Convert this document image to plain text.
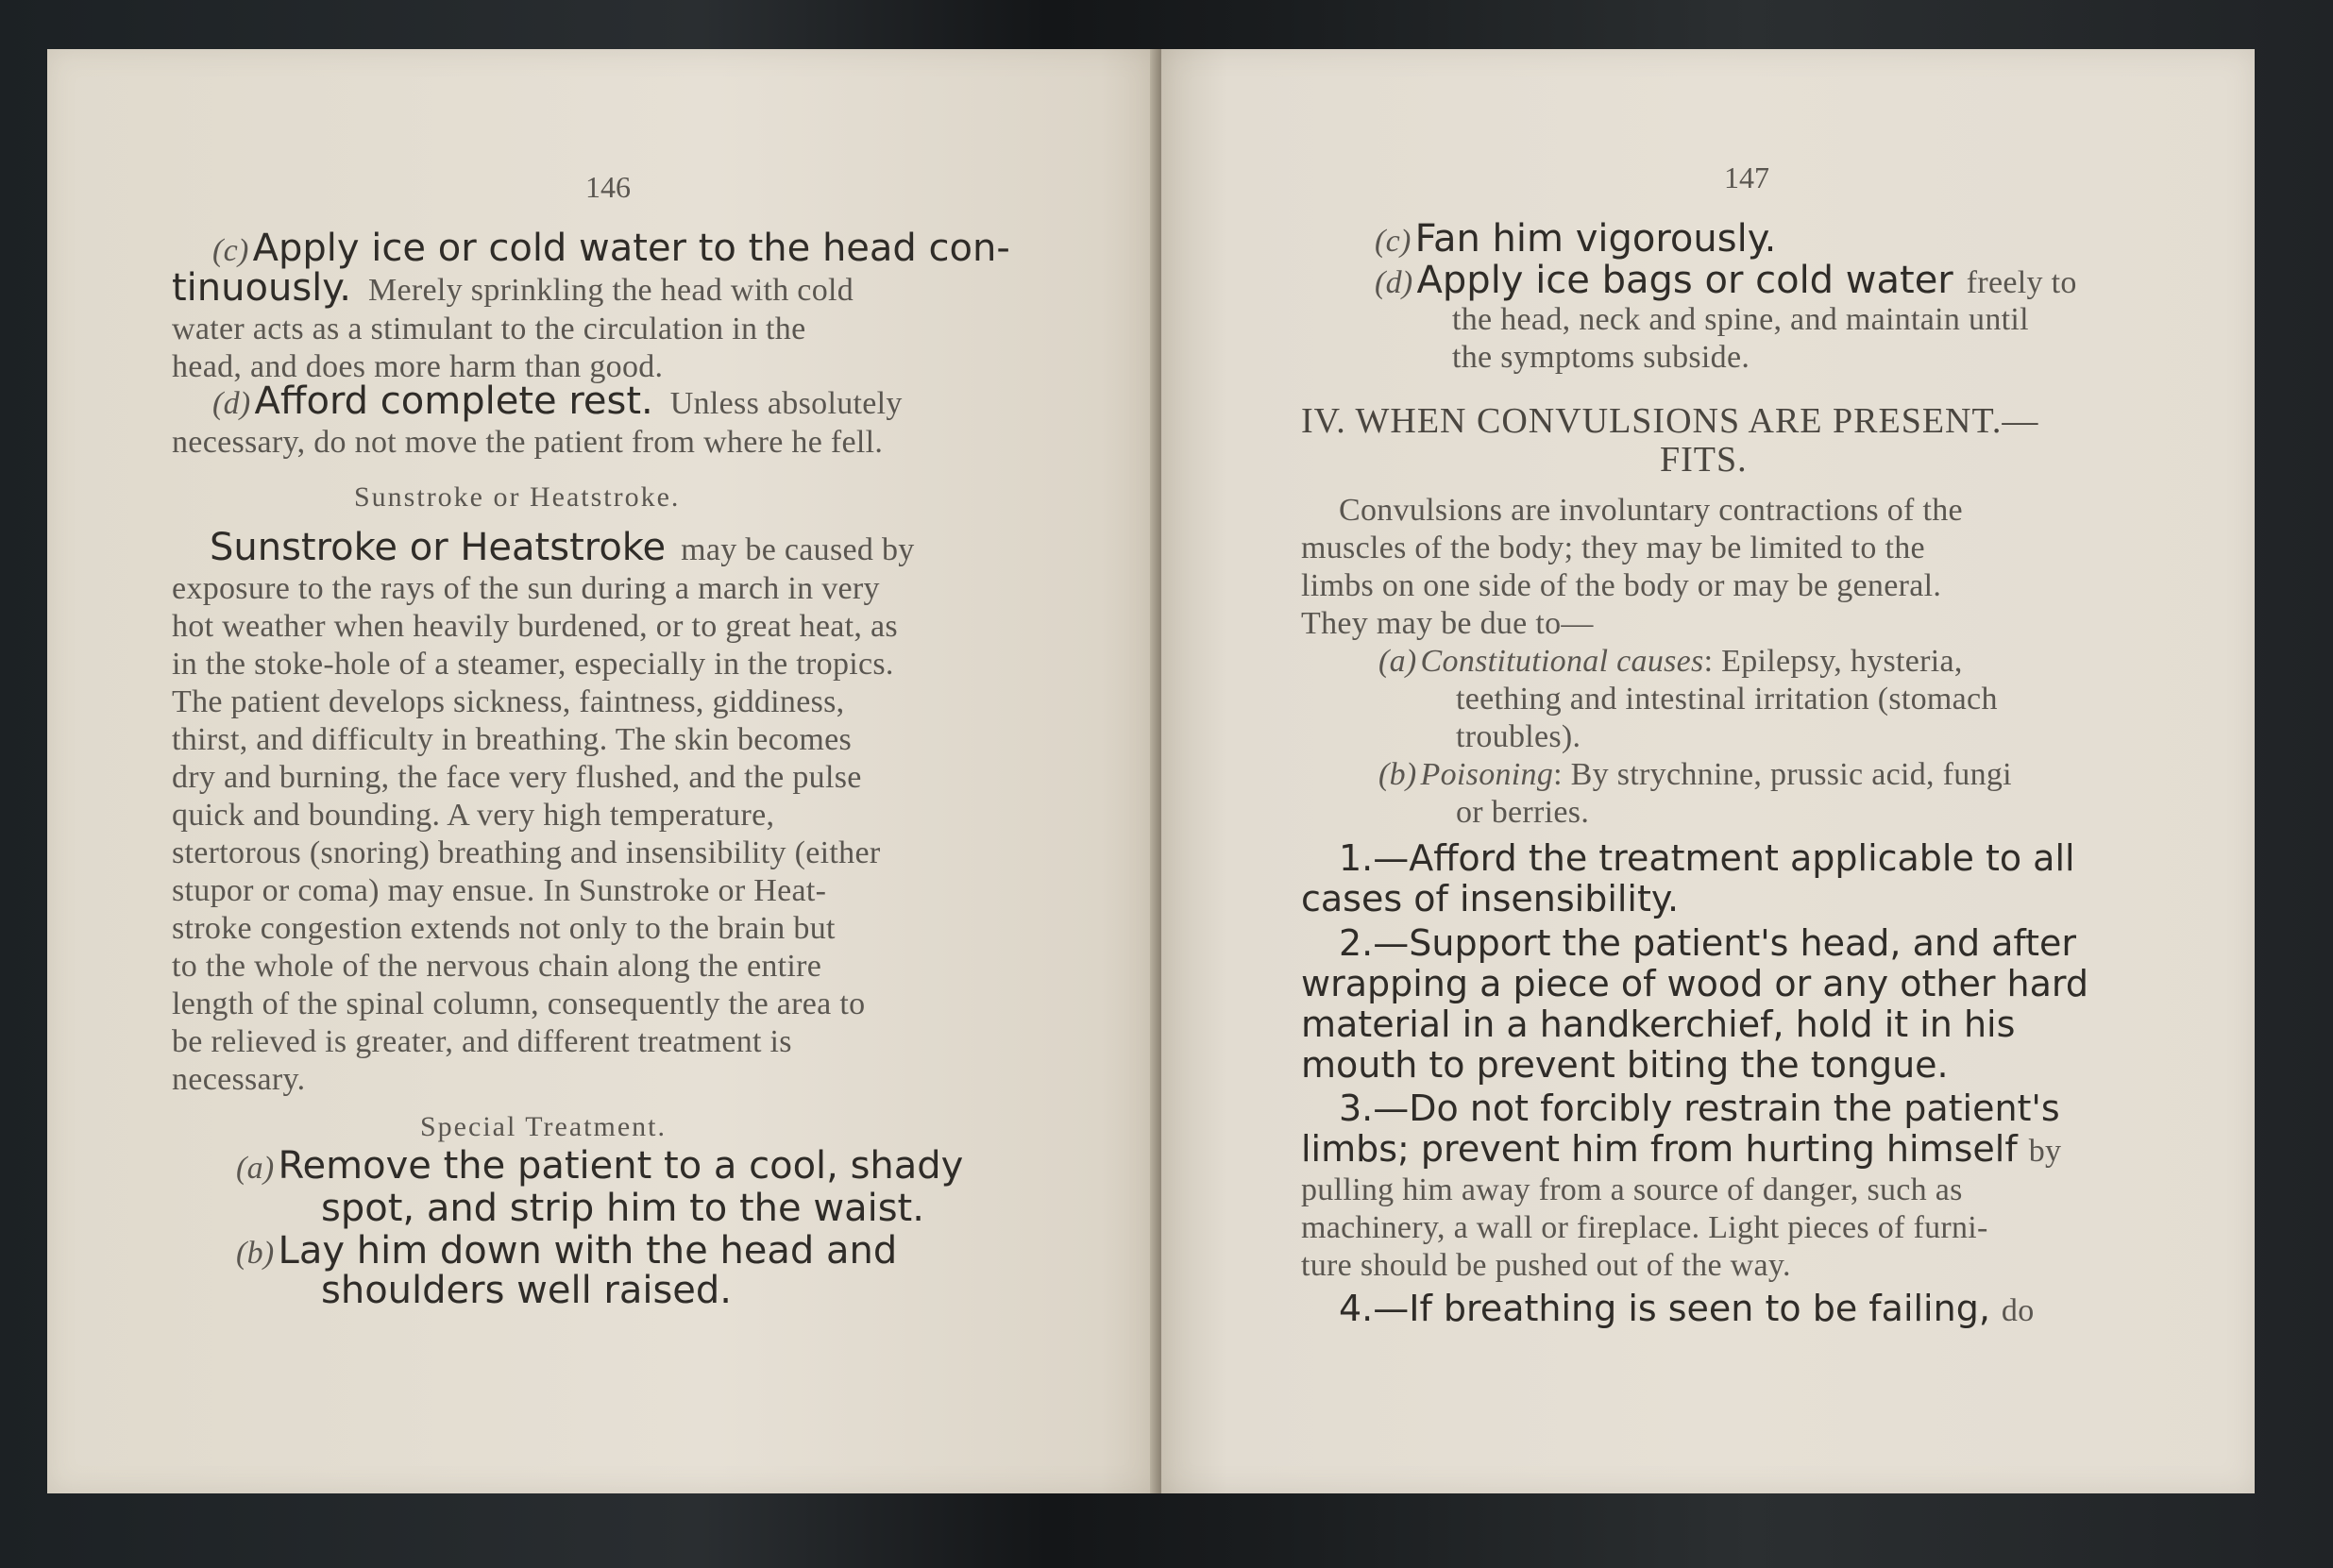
146
(c) Apply ice or cold water to the head con-
tinuously. Merely sprinkling the head with cold
water acts as a stimulant to the circulation in the
head, and does more harm than good.
(d) Afford complete rest. Unless absolutely
necessary, do not move the patient from where he fell.
Sunstroke or Heatstroke.
Sunstroke or Heatstroke may be caused by
exposure to the rays of the sun during a march in very
hot weather when heavily burdened, or to great heat, as
in the stoke-hole of a steamer, especially in the tropics.
The patient develops sickness, faintness, giddiness,
thirst, and difficulty in breathing. The skin becomes
dry and burning, the face very flushed, and the pulse
quick and bounding. A very high temperature,
stertorous (snoring) breathing and insensibility (either
stupor or coma) may ensue. In Sunstroke or Heat-
stroke congestion extends not only to the brain but
to the whole of the nervous chain along the entire
length of the spinal column, consequently the area to
be relieved is greater, and different treatment is
necessary.
Special Treatment.
(a) Remove the patient to a cool, shady
spot, and strip him to the waist.
(b) Lay him down with the head and
shoulders well raised.
147
(c) Fan him vigorously.
(d) Apply ice bags or cold water freely to
the head, neck and spine, and maintain until
the symptoms subside.
IV. WHEN CONVULSIONS ARE PRESENT.—
FITS.
Convulsions are involuntary contractions of the
muscles of the body; they may be limited to the
limbs on one side of the body or may be general.
They may be due to—
(a) Constitutional causes: Epilepsy, hysteria,
teething and intestinal irritation (stomach
troubles).
(b) Poisoning: By strychnine, prussic acid, fungi
or berries.
1.—Afford the treatment applicable to all
cases of insensibility.
2.—Support the patient's head, and after
wrapping a piece of wood or any other hard
material in a handkerchief, hold it in his
mouth to prevent biting the tongue.
3.—Do not forcibly restrain the patient's
limbs; prevent him from hurting himself by
pulling him away from a source of danger, such as
machinery, a wall or fireplace. Light pieces of furni-
ture should be pushed out of the way.
4.—If breathing is seen to be failing, do
